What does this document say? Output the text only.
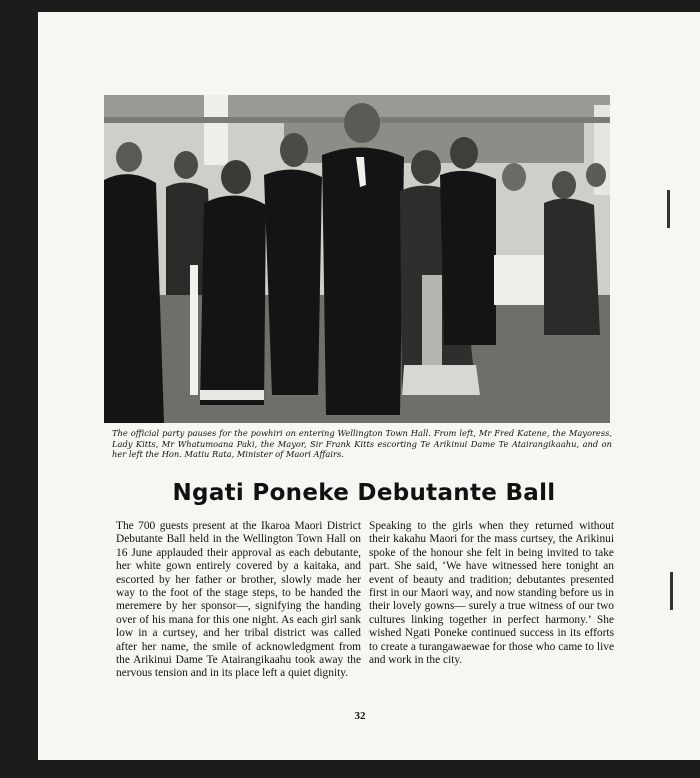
The official party pauses for the powhiri on entering Wellington Town Hall. From left, Mr Fred Katene, the Mayoress, Lady Kitts, Mr Whatumoana Paki, the Mayor, Sir Frank Kitts escorting Te Arikinui Dame Te Atairangikaahu, and on her left the Hon. Matiu Rata, Minister of Maori Affairs.
Ngati Poneke Debutante Ball
The 700 guests present at the Ikaroa Maori District Debutante Ball held in the Wellington Town Hall on 16 June applauded their approval as each debutante, her white gown entirely covered by a kaitaka, and escorted by her father or brother, slowly made her way to the foot of the stage steps, to be handed the meremere by her sponsor—, signifying the handing over of his mana for this one night. As each girl sank low in a curtsey, and her tribal district was called after her name, the smile of acknowledgment from the Arikinui Dame Te Atairangikaahu took away the nervous tension and in its place left a quiet dignity.
Speaking to the girls when they returned without their kakahu Maori for the mass curtsey, the Arikinui spoke of the honour she felt in being invited to take part. She said, ‘We have witnessed here tonight an event of beauty and tradition; debutantes presented first in our Maori way, and now standing before us in their lovely gowns— surely a true witness of our two cultures linking together in perfect harmony.’ She wished Ngati Poneke continued success in its efforts to create a turangawaewae for those who came to live and work in the city.
32
